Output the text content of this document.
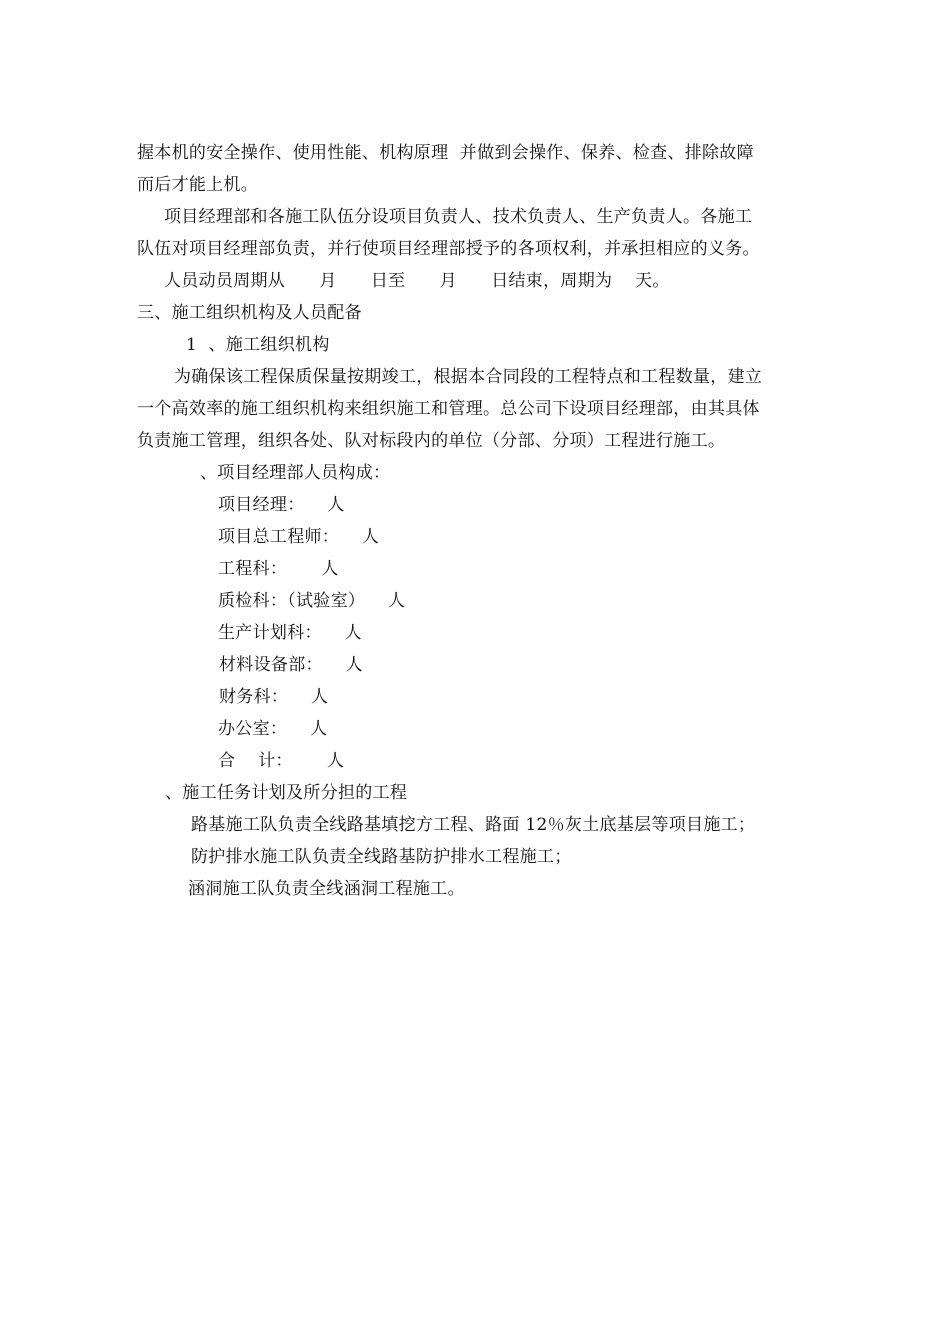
握本机的安全操作、使用性能、机构原理  并做到会操作、保养、检查、排除故障
而后才能上机。
项目经理部和各施工队伍分设项目负责人、技术负责人、生产负责人。各施工
队伍对项目经理部负责，并行使项目经理部授予的各项权利，并承担相应的义务。
人员动员周期从      月      日至      月      日结束，周期为    天。
三、施工组织机构及人员配备
1  、施工组织机构
为确保该工程保质保量按期竣工，根据本合同段的工程特点和工程数量，建立
一个高效率的施工组织机构来组织施工和管理。总公司下设项目经理部，由其具体
负责施工管理，组织各处、队对标段内的单位（分部、分项）工程进行施工。
、项目经理部人员构成：
项目经理：    人
项目总工程师：    人
工程科：      人
质检科：（试验室）    人
生产计划科：    人
材料设备部：    人
财务科：    人
办公室：    人
合    计：      人
、施工任务计划及所分担的工程
路基施工队负责全线路基填挖方工程、路面 12％灰土底基层等项目施工；
防护排水施工队负责全线路基防护排水工程施工；
涵洞施工队负责全线涵洞工程施工。
